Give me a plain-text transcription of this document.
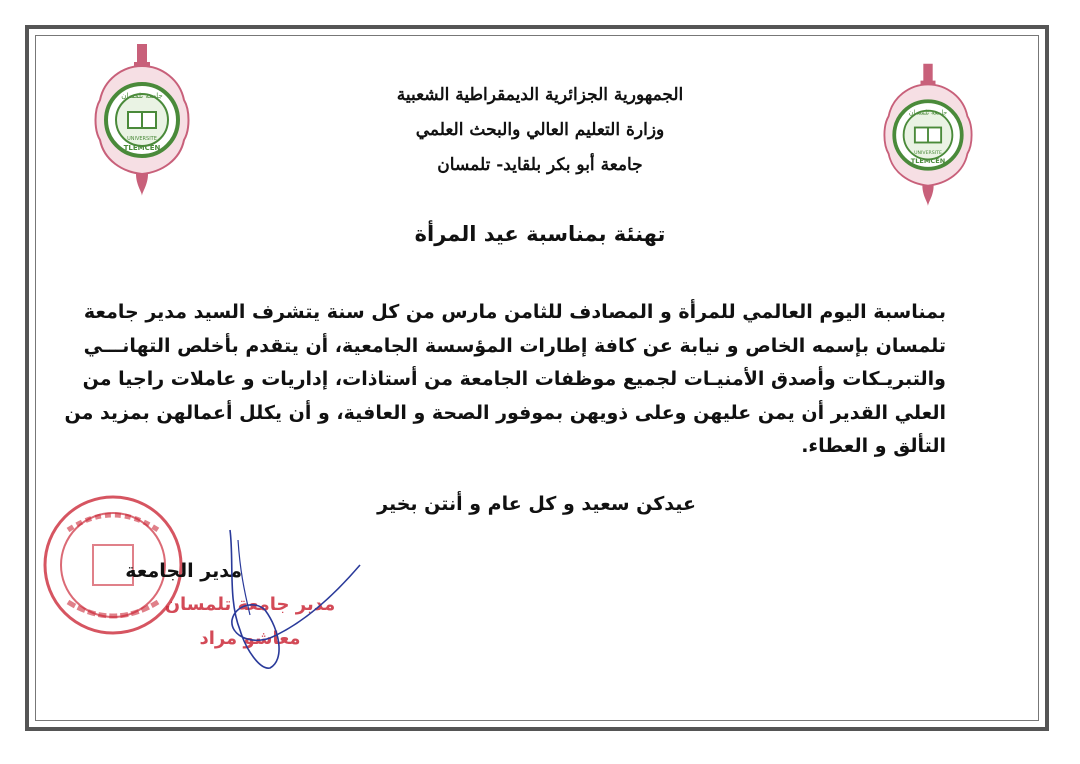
جامعة تلمسان
UNIVERSITE
TLEMCEN
جامعة تلمسان
UNIVERSITE
TLEMCEN
الجمهورية الجزائرية الديمقراطية الشعبية
وزارة التعليم العالي والبحث العلمي
جامعة أبو بكر بلقايد- تلمسان
تهنئة بمناسبة عيد المرأة
بمناسبة اليوم العالمي للمرأة و المصادف للثامن مارس من كل سنة يتشرف السيد مدير جامعة
تلمسان بإسمه الخاص و نيابة عن كافة إطارات المؤسسة الجامعية، أن يتقدم بأخلص التهانـــي
والتبريـكات وأصدق الأمنيـات لجميع موظفات الجامعة من أستاذات، إداريات و عاملات راجيا من
العلي القدير أن يمن عليهن وعلى ذويهن بموفور الصحة و العافية، و أن يكلل أعمالهن بمزيد من
التألق و العطاء.
عيدكن سعيد و كل عام و أنتن بخير
مدير الجامعة
مدير جامعة تلمسان
معاشو مراد
